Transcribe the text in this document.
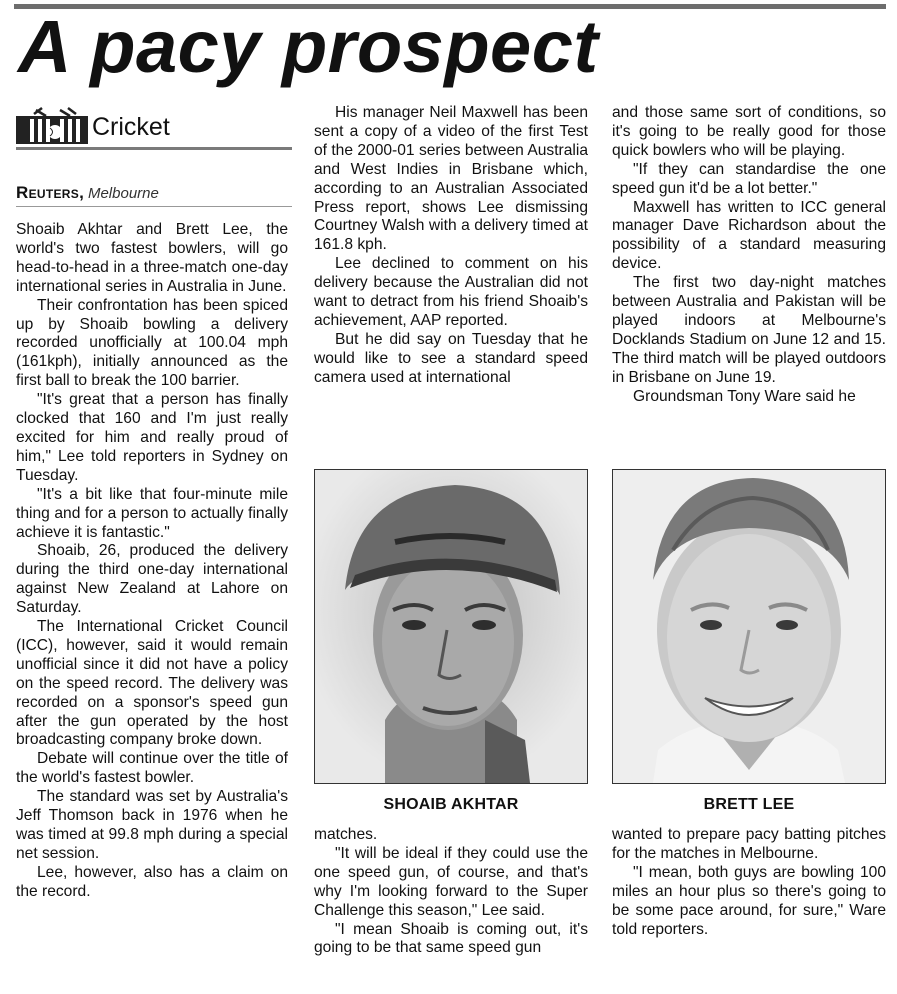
A pacy prospect
Cricket
Reuters, Melbourne

Shoaib Akhtar and Brett Lee, the world's two fastest bowlers, will go head-to-head in a three-match one-day international series in Australia in June.

Their confrontation has been spiced up by Shoaib bowling a delivery recorded unofficially at 100.04 mph (161kph), initially announced as the first ball to break the 100 barrier.

"It's great that a person has finally clocked that 160 and I'm just really excited for him and really proud of him," Lee told reporters in Sydney on Tuesday.

"It's a bit like that four-minute mile thing and for a person to actually finally achieve it is fantastic."

Shoaib, 26, produced the delivery during the third one-day international against New Zealand at Lahore on Saturday.

The International Cricket Council (ICC), however, said it would remain unofficial since it did not have a policy on the speed record. The delivery was recorded on a sponsor's speed gun after the gun operated by the host broadcasting company broke down.

Debate will continue over the title of the world's fastest bowler.

The standard was set by Australia's Jeff Thomson back in 1976 when he was timed at 99.8 mph during a special net session.

Lee, however, also has a claim on the record.

His manager Neil Maxwell has been sent a copy of a video of the first Test of the 2000-01 series between Australia and West Indies in Brisbane which, according to an Australian Associated Press report, shows Lee dismissing Courtney Walsh with a delivery timed at 161.8 kph.

Lee declined to comment on his delivery because the Australian did not want to detract from his friend Shoaib's achievement, AAP reported.

But he did say on Tuesday that he would like to see a standard speed camera used at international

and those same sort of conditions, so it's going to be really good for those quick bowlers who will be playing.

"If they can standardise the one speed gun it'd be a lot better."

Maxwell has written to ICC general manager Dave Richardson about the possibility of a standard measuring device.

The first two day-night matches between Australia and Pakistan will be played indoors at Melbourne's Docklands Stadium on June 12 and 15. The third match will be played outdoors in Brisbane on June 19.

Groundsman Tony Ware said he

SHOAIB AKHTAR	BRETT LEE

matches.

"It will be ideal if they could use the one speed gun, of course, and that's why I'm looking forward to the Super Challenge this season," Lee said.

"I mean Shoaib is coming out, it's going to be that same speed gun

wanted to prepare pacy batting pitches for the matches in Melbourne.

"I mean, both guys are bowling 100 miles an hour plus so there's going to be some pace around, for sure," Ware told reporters.
